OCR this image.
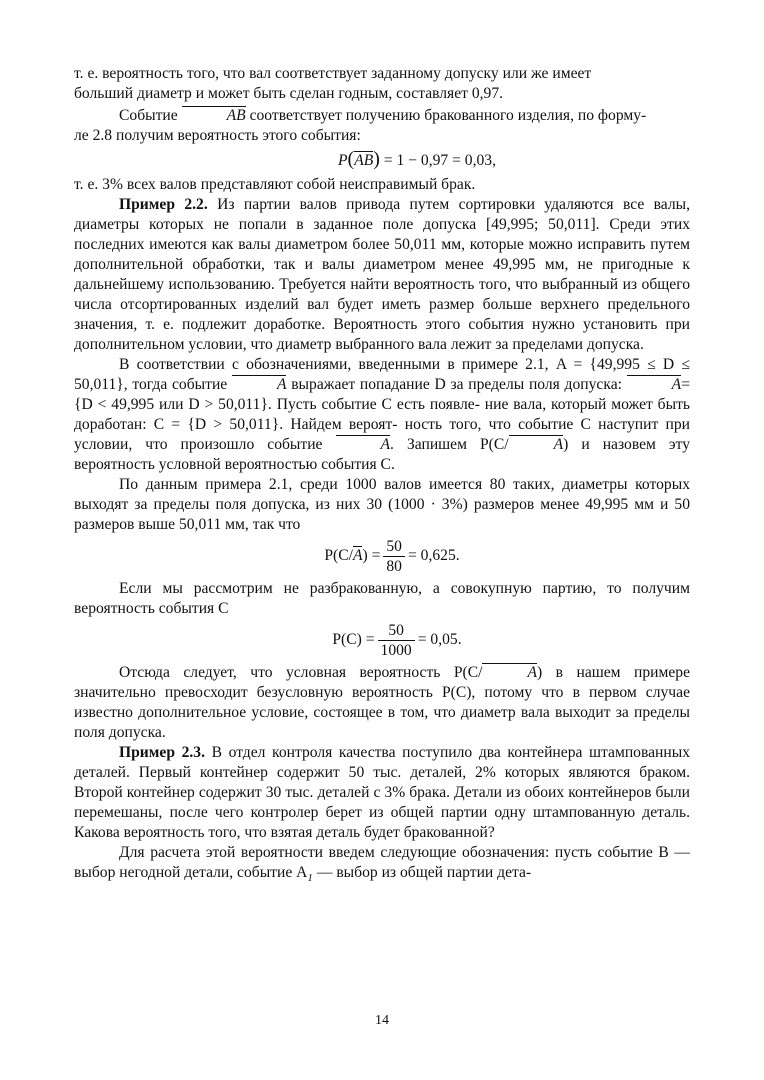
т. е. вероятность того, что вал соответствует заданному допуску или же имеет
больший диаметр и может быть сделан годным, составляет 0,97.

Событие	AB соответствует получению бракованного изделия, по форму-
ле 2.8 получим вероятность этого события:

P(AB) = 1 − 0,97 = 0,03,

т. е. 3% всех валов представляют собой неисправимый брак.

Пример 2.2. Из партии валов привода путем сортировки удаляются все валы, диаметры которых не попали в заданное поле допуска [49,995; 50,011]. Среди этих последних имеются как валы диаметром более 50,011 мм, которые можно исправить путем дополнительной обработки, так и валы диаметром менее 49,995 мм, не пригодные к дальнейшему использованию. Требуется найти вероятность того, что выбранный из общего числа отсортированных изделий вал будет иметь размер больше верхнего предельного значения, т. е. подлежит доработке. Вероятность этого события нужно установить при дополнительном условии, что диаметр выбранного вала лежит за пределами допуска.

В соответствии с обозначениями, введенными в примере 2.1, A = {49,995 ≤ D ≤ 50,011}, тогда событие	A выражает попадание D за пределы поля допуска:	A= {D < 49,995 или D > 50,011}. Пусть событие C есть появле- ние вала, который может быть доработан: C = {D > 50,011}. Найдем вероят- ность того, что событие C наступит при условии, что произошло событие	A. Запишем P(C/	A) и назовем эту вероятность условной вероятностью события C.

По данным примера 2.1, среди 1000 валов имеется 80 таких, диаметры которых выходят за пределы поля допуска, из них 30 (1000 · 3%) размеров менее 49,995 мм и 50 размеров выше 50,011 мм, так что

$P(C/A) = \frac{50}{80} = 0,625$.

Если мы рассмотрим не разбракованную, а совокупную партию, то получим вероятность события C

$P(C) = \frac{50}{1000} = 0,05$.

Отсюда следует, что условная вероятность P(C/	A) в нашем примере значительно превосходит безусловную вероятность P(C), потому что в первом случае известно дополнительное условие, состоящее в том, что диаметр вала выходит за пределы поля допуска.

Пример 2.3. В отдел контроля качества поступило два контейнера штампованных деталей. Первый контейнер содержит 50 тыс. деталей, 2% которых являются браком. Второй контейнер содержит 30 тыс. деталей с 3% брака. Детали из обоих контейнеров были перемешаны, после чего контролер берет из общей партии одну штампованную деталь. Какова вероятность того, что взятая деталь будет бракованной?

Для расчета этой вероятности введем следующие обозначения: пусть событие B — выбор негодной детали, событие $A_1$ — выбор из общей партии дета-

14
